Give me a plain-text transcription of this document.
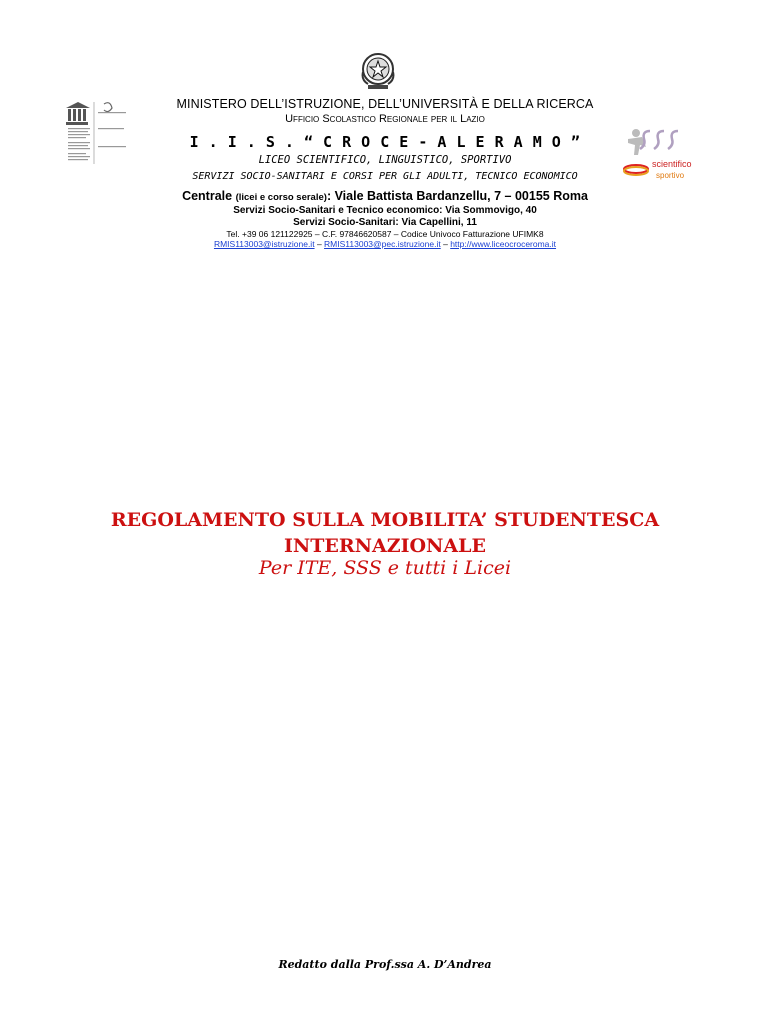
scientifico
sportivo
MINISTERO DELL’ISTRUZIONE, DELL’UNIVERSITÀ E DELLA RICERCA
Ufficio Scolastico Regionale per il Lazio
I . I . S . “ C R O C E - A L E R A M O ”
LICEO SCIENTIFICO, LINGUISTICO, SPORTIVO
SERVIZI SOCIO-SANITARI E CORSI PER GLI ADULTI, TECNICO ECONOMICO
Centrale (licei e corso serale): Viale Battista Bardanzellu, 7 – 00155 Roma
Servizi Socio-Sanitari e Tecnico economico: Via Sommovigo, 40
Servizi Socio-Sanitari: Via Capellini, 11
Tel. +39 06 121122925 – C.F. 97846620587 – Codice Univoco Fatturazione UFIMK8
RMIS113003@istruzione.it – RMIS113003@pec.istruzione.it – http://www.liceocroceroma.it
REGOLAMENTO SULLA MOBILITA’ STUDENTESCA
INTERNAZIONALE
Per ITE, SSS e tutti i Licei
Redatto dalla Prof.ssa A. D’Andrea
